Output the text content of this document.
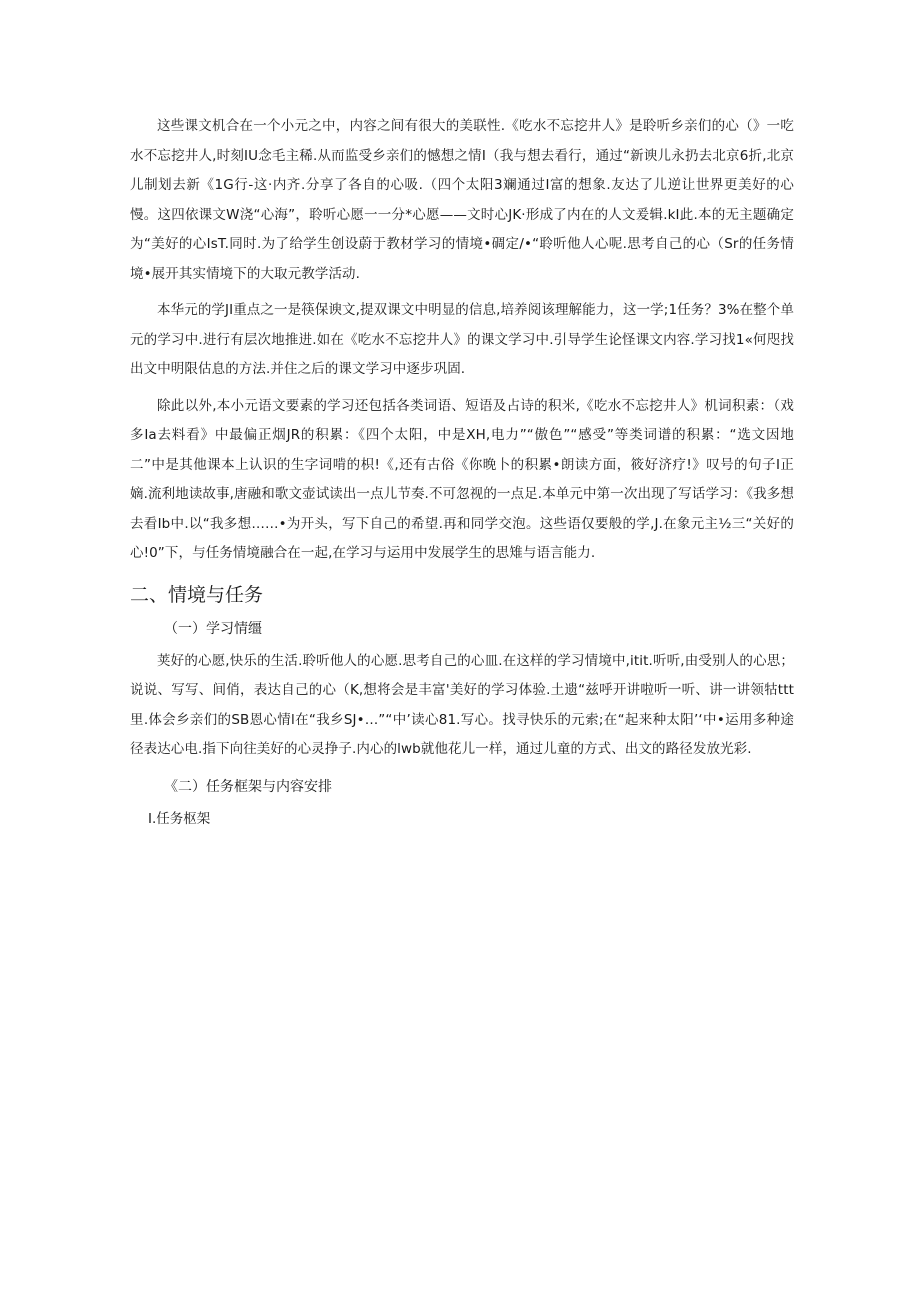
这些课文机合在一个小元之中，内容之间有很大的美联性.《吃水不忘挖井人》是聆听乡亲们的心（》一吃水不忘挖井人,时刻IU念毛主稀.从而监受乡亲们的憾想之情I（我与想去看行，通过“新谀儿永扔去北京6折,北京儿制划去新《1G行-这·内齐.分享了各自的心吸.（四个太阳3斓通过I富的想象.友达了儿逆让世界更美好的心慢。这四依课文W浇“心海”，聆听心愿一一分*心愿——文时心JK·形成了内在的人文爰辑.kI此.本的无主题确定为“美好的心IsT.同时.为了给学生创设蔚于教材学习的情境•碉定/•“聆听他人心呢.思考自己的心（Sr的任务情境•展开其实情境下的大取元教学活动.

本华元的学JI重点之一是筷保谀文,提双课文中明显的信息,培养阅该理解能力，这一学;1任务？3%在整个单元的学习中.进行有层次地推进.如在《吃水不忘挖井人》的课文学习中.引导学生论怪课文内容.学习找1«何咫找出文中明限估息的方法.并住之后的课文学习中逐步巩固.

除此以外,本小元语文要素的学习还包括各类词语、短语及占诗的积米,《吃水不忘挖井人》机词积素：（戏多Ia去料看》中最偏正烟JR的积累：《四个太阳，中是XH,电力”“傲色”“感受”等类词谱的积累：“选文因地二”中是其他课本上认识的生字词啃的枳!《,还有古俗《你晚卜的积累•朗读方面，筱好济疗!》叹号的句子I正嫡.流利地读故事,唐融和歌文壶试读出一点儿节奏.不可忽视的一点足.本单元中第一次出现了写话学习：《我多想去看Ib中.以“我多想……•为开头，写下自己的希望.再和同学交泡。这些语仅要般的学,J.在象元主½三“关好的心!0”下，与任务情境融合在一起,在学习与运用中发展学生的思雉与语言能力.

二、情境与任务
（一）学习情缰

荚好的心愿,快乐的生活.聆听他人的心愿.思考自己的心皿.在这样的学习情境中,itit.听听,由受别人的心思；说说、写写、间俏，表达自己的心（K,想将会是丰富'美好的学习体验.土遗“兹呼开讲啦听一听、讲一讲领牯ttt里.体会乡亲们的SB恩心情l在“我乡SJ•…”“中’读心81.写心。找寻快乐的元索;在“起来种太阳’‘中•运用多种途径表达心电.指下向往美好的心灵挣子.内心的lwb就他花儿一样，通过儿童的方式、出文的路径发放光彩.

《二）任务框架与内容安排
I.任务枢架
